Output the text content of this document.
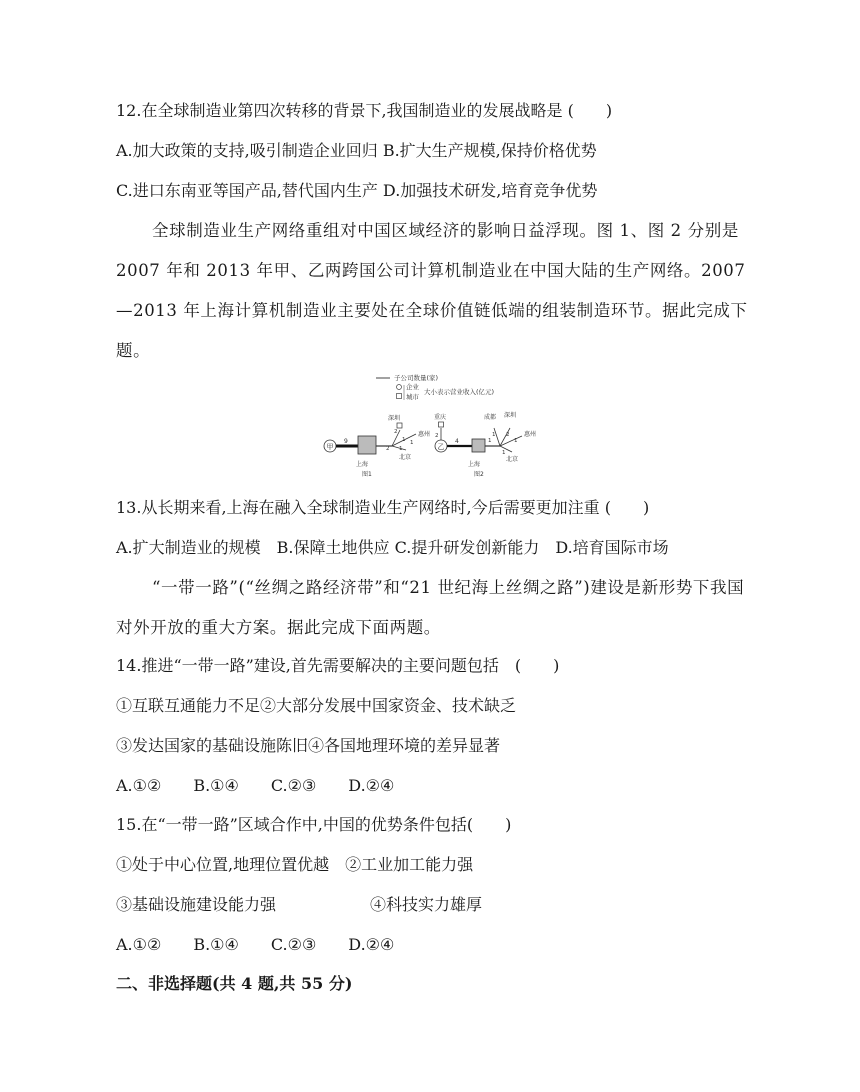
12.在全球制造业第四次转移的背景下,我国制造业的发展战略是 (　　)
A.加大政策的支持,吸引制造企业回归 B.扩大生产规模,保持价格优势
C.进口东南亚等国产品,替代国内生产 D.加强技术研发,培育竞争优势
全球制造业生产网络重组对中国区域经济的影响日益浮现。图 1、图 2 分别是 2007 年和 2013 年甲、乙两跨国公司计算机制造业在中国大陆的生产网络。2007—2013 年上海计算机制造业主要处在全球价值链低端的组装制造环节。据此完成下题。
子公司数量(家)
企业
城市
大小表示营业收入(亿元)
甲
9
上海
深圳
惠州
北京
2
1
2 1
1
图1
乙
4
上海
重庆	成都 深圳
惠州
北京
2	1 2
1
1
1
图2
13.从长期来看,上海在融入全球制造业生产网络时,今后需要更加注重 (　　)
A.扩大制造业的规模　B.保障土地供应 C.提升研发创新能力　D.培育国际市场
“一带一路”(“丝绸之路经济带”和“21 世纪海上丝绸之路”)建设是新形势下我国对外开放的重大方案。据此完成下面两题。
14.推进“一带一路”建设,首先需要解决的主要问题包括　(　　)
①互联互通能力不足②大部分发展中国家资金、技术缺乏
③发达国家的基础设施陈旧④各国地理环境的差异显著
A.①②　　B.①④　　C.②③　　D.②④
15.在“一带一路”区域合作中,中国的优势条件包括(　　)
①处于中心位置,地理位置优越　②工业加工能力强
③基础设施建设能力强	④科技实力雄厚
A.①②　　B.①④　　C.②③　　D.②④
二、非选择题(共 4 题,共 55 分)
